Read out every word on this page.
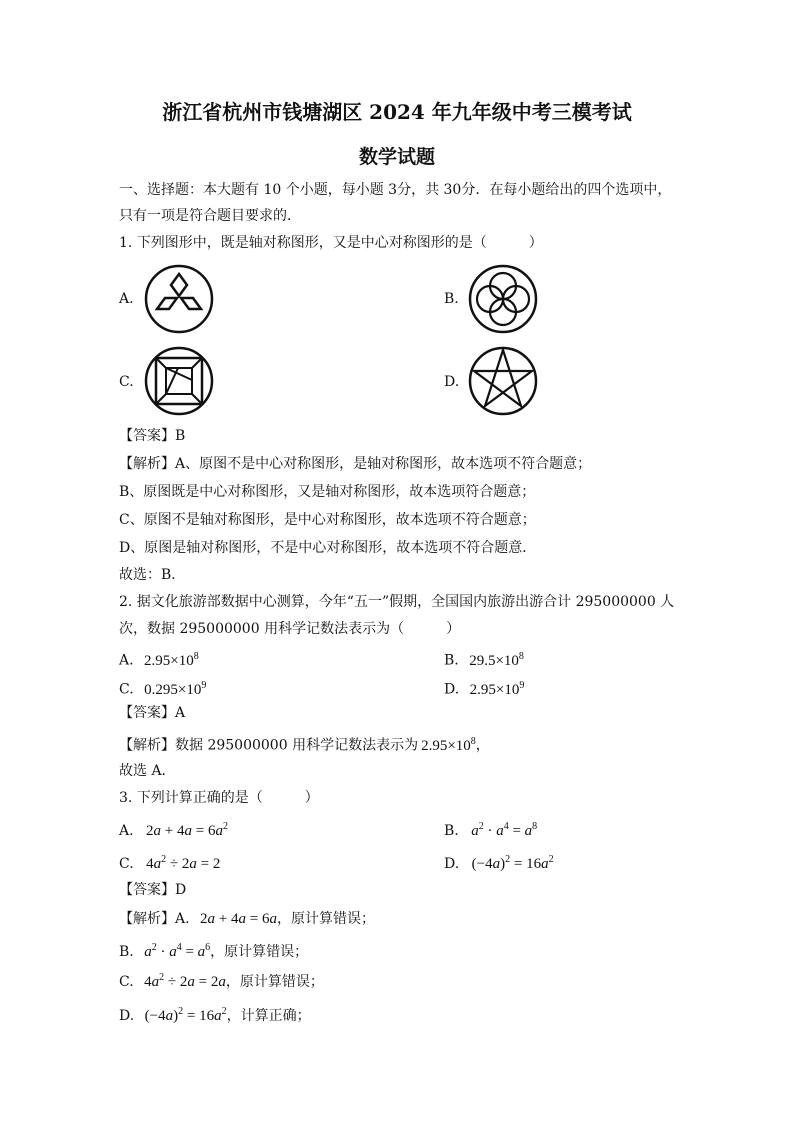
浙江省杭州市钱塘湖区 2024 年九年级中考三模考试
数学试题
一、选择题：本大题有 10 个小题，每小题 3分，共 30分．在每小题给出的四个选项中，
只有一项是符合题目要求的．
1. 下列图形中，既是轴对称图形，又是中心对称图形的是（　　　）
A.	B.
C.	D.
【答案】B
【解析】A、原图不是中心对称图形，是轴对称图形，故本选项不符合题意；
B、原图既是中心对称图形，又是轴对称图形，故本选项符合题意；
C、原图不是轴对称图形，是中心对称图形，故本选项不符合题意；
D、原图是轴对称图形，不是中心对称图形，故本选项不符合题意．
故选：B．
2. 据文化旅游部数据中心测算，今年“五一”假期，全国国内旅游出游合计 295000000 人
次，数据 295000000 用科学记数法表示为（　　　）
A. $2.95\times 10^8$	B. $29.5\times 10^8$
C. $0.295\times 10^9$	D. $2.95\times 10^9$
【答案】A
【解析】数据 295000000 用科学记数法表示为 $2.95\times 10^8$，
故选 A．
3. 下列计算正确的是（　　　）
A. $2a + 4a = 6a^2$	B. $a^2 \cdot a^4 = a^8$
C. $4a^2 \div 2a = 2$	D. $(-4a)^2 = 16a^2$
【答案】D
【解析】A. 2a + 4a = 6a，原计算错误；
B. $a^2 \cdot a^4 = a^6$，原计算错误；
C. $4a^2 \div 2a = 2a$，原计算错误；
D. $(-4a)^2 = 16a^2$，计算正确；
